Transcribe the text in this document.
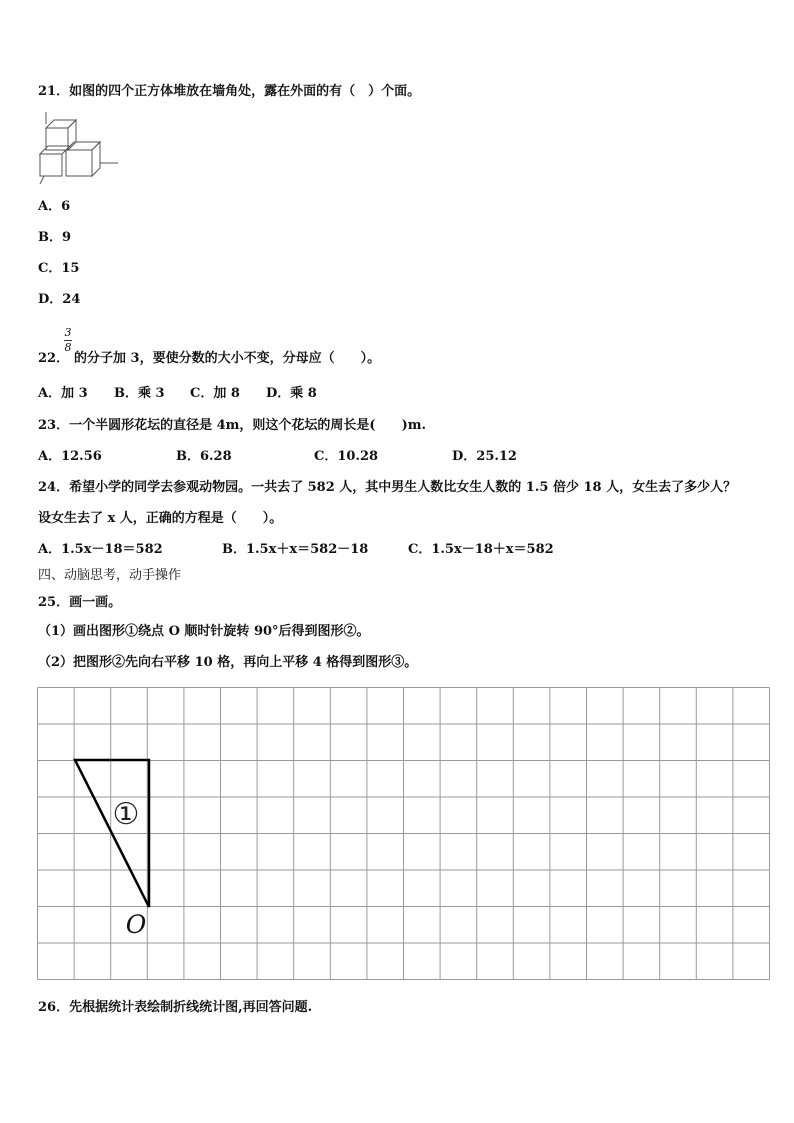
21．如图的四个正方体堆放在墙角处，露在外面的有（　）个面。
A．6
B．9
C．15
D．24
3
8
22． 的分子加 3，要使分数的大小不变，分母应（　　）。
A．加 3 B．乘 3 C．加 8 D．乘 8
23．一个半圆形花坛的直径是 4m，则这个花坛的周长是(　　)m.
A．12.56	B．6.28	C．10.28	D．25.12
24．希望小学的同学去参观动物园。一共去了 582 人，其中男生人数比女生人数的 1.5 倍少 18 人，女生去了多少人？
设女生去了 x 人，正确的方程是（　　）。
A．1.5x－18＝582	B．1.5x＋x＝582－18	C．1.5x－18＋x＝582
四、动脑思考，动手操作
25．画一画。
（1）画出图形①绕点 O 顺时针旋转 90°后得到图形②。
（2）把图形②先向右平移 10 格，再向上平移 4 格得到图形③。
①
O
26．先根据统计表绘制折线统计图,再回答问题.
